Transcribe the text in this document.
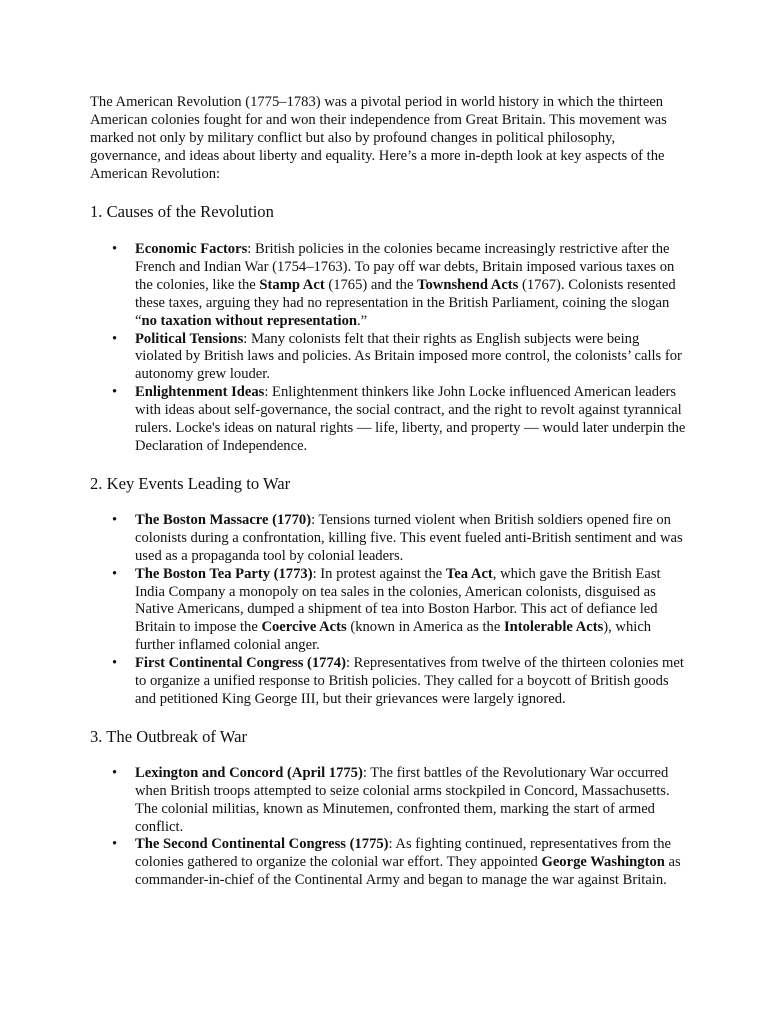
The American Revolution (1775–1783) was a pivotal period in world history in which the thirteen American colonies fought for and won their independence from Great Britain. This movement was marked not only by military conflict but also by profound changes in political philosophy, governance, and ideas about liberty and equality. Here’s a more in-depth look at key aspects of the American Revolution:

1. Causes of the Revolution
• Economic Factors: British policies in the colonies became increasingly restrictive after the French and Indian War (1754–1763). To pay off war debts, Britain imposed various taxes on the colonies, like the Stamp Act (1765) and the Townshend Acts (1767). Colonists resented these taxes, arguing they had no representation in the British Parliament, coining the slogan “no taxation without representation.”
• Political Tensions: Many colonists felt that their rights as English subjects were being violated by British laws and policies. As Britain imposed more control, the colonists’ calls for autonomy grew louder.
• Enlightenment Ideas: Enlightenment thinkers like John Locke influenced American leaders with ideas about self-governance, the social contract, and the right to revolt against tyrannical rulers. Locke's ideas on natural rights — life, liberty, and property — would later underpin the Declaration of Independence.
2. Key Events Leading to War
• The Boston Massacre (1770): Tensions turned violent when British soldiers opened fire on colonists during a confrontation, killing five. This event fueled anti-British sentiment and was used as a propaganda tool by colonial leaders.
• The Boston Tea Party (1773): In protest against the Tea Act, which gave the British East India Company a monopoly on tea sales in the colonies, American colonists, disguised as Native Americans, dumped a shipment of tea into Boston Harbor. This act of defiance led Britain to impose the Coercive Acts (known in America as the Intolerable Acts), which further inflamed colonial anger.
• First Continental Congress (1774): Representatives from twelve of the thirteen colonies met to organize a unified response to British policies. They called for a boycott of British goods and petitioned King George III, but their grievances were largely ignored.
3. The Outbreak of War
• Lexington and Concord (April 1775): The first battles of the Revolutionary War occurred when British troops attempted to seize colonial arms stockpiled in Concord, Massachusetts. The colonial militias, known as Minutemen, confronted them, marking the start of armed conflict.
• The Second Continental Congress (1775): As fighting continued, representatives from the colonies gathered to organize the colonial war effort. They appointed George Washington as commander-in-chief of the Continental Army and began to manage the war against Britain.
